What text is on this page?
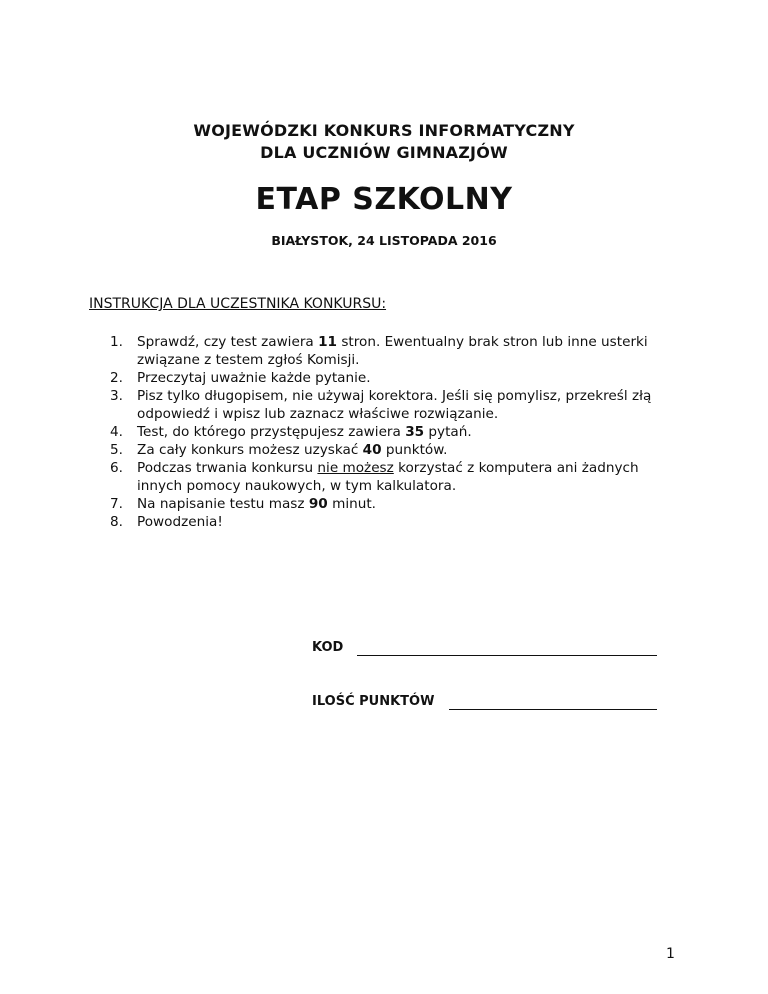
WOJEWÓDZKI KONKURS INFORMATYCZNY
DLA UCZNIÓW GIMNAZJÓW
ETAP SZKOLNY
BIAŁYSTOK, 24 LISTOPADA 2016
INSTRUKCJA DLA UCZESTNIKA KONKURSU:
1. Sprawdź, czy test zawiera 11 stron. Ewentualny brak stron lub inne usterki związane z testem zgłoś Komisji.
2. Przeczytaj uważnie każde pytanie.
3. Pisz tylko długopisem, nie używaj korektora. Jeśli się pomylisz, przekreśl złą odpowiedź i wpisz lub zaznacz właściwe rozwiązanie.
4. Test, do którego przystępujesz zawiera 35 pytań.
5. Za cały konkurs możesz uzyskać 40 punktów.
6. Podczas trwania konkursu nie możesz korzystać z komputera ani żadnych innych pomocy naukowych, w tym kalkulatora.
7. Na napisanie testu masz 90 minut.
8. Powodzenia!
KOD
ILOŚĆ PUNKTÓW
1
